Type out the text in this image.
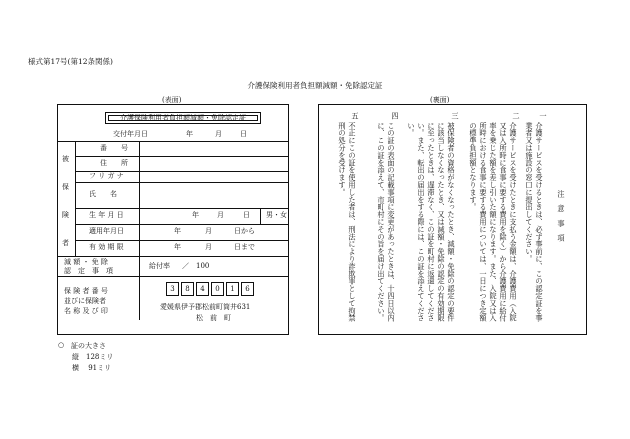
様式第17号(第12条関係)
介護保険利用者負担額減額・免除認定証
(表面)	(裏面)
介護保険利用者負担額減額・免除認定証
交付年月日	年	月	日
被
保
険
者
番　　号
住　　所
フ リ ガ ナ
氏　　名
生 年 月 日	年	月	日 男・女
適用年月日	年	月	日から
有 効 期 限	年	月	日まで
減 額 ・ 免 除
認　定　事　項
給付率 ／ 100
保 険 者 番 号
並びに保険者
名 称 及 び 印
3	8	4	0	1	6
愛媛県伊予郡松前町筒井631
松　前　町
注　意　事　項
一
介護サービスを受けるときは、必ず事前に、この認定証を事業者又は施設の窓口に提出してください。
二
介護サービスを受けたときに支払う金額は、介護費用（入院又は入所時に食事に要する費用を除く）から介護費用に給付率を乗じた額を差し引いた額になります。また、入院又は入所時における食事に要する費用については、一日につき定額の標準負担額となります。
三
被保険者の資格がなくなったとき、減額・免除の認定の要件に該当しなくなったとき、又は減額・免除の認定の有効期限に至ったときは、遅滞なく、この証を町村に返還してください。また、転出の届出をする際には、この証を添えてください。
四
この証の表面の記載事項に変更があったときは、十四日以内に、この証を添えて、市町村にその旨を届け出てください。
五
不正にこの証を使用した者は、刑法により詐欺罪として拘禁刑の処分を受けます。
○ 証の大きさ
縦　128ミリ
横　 91ミリ
